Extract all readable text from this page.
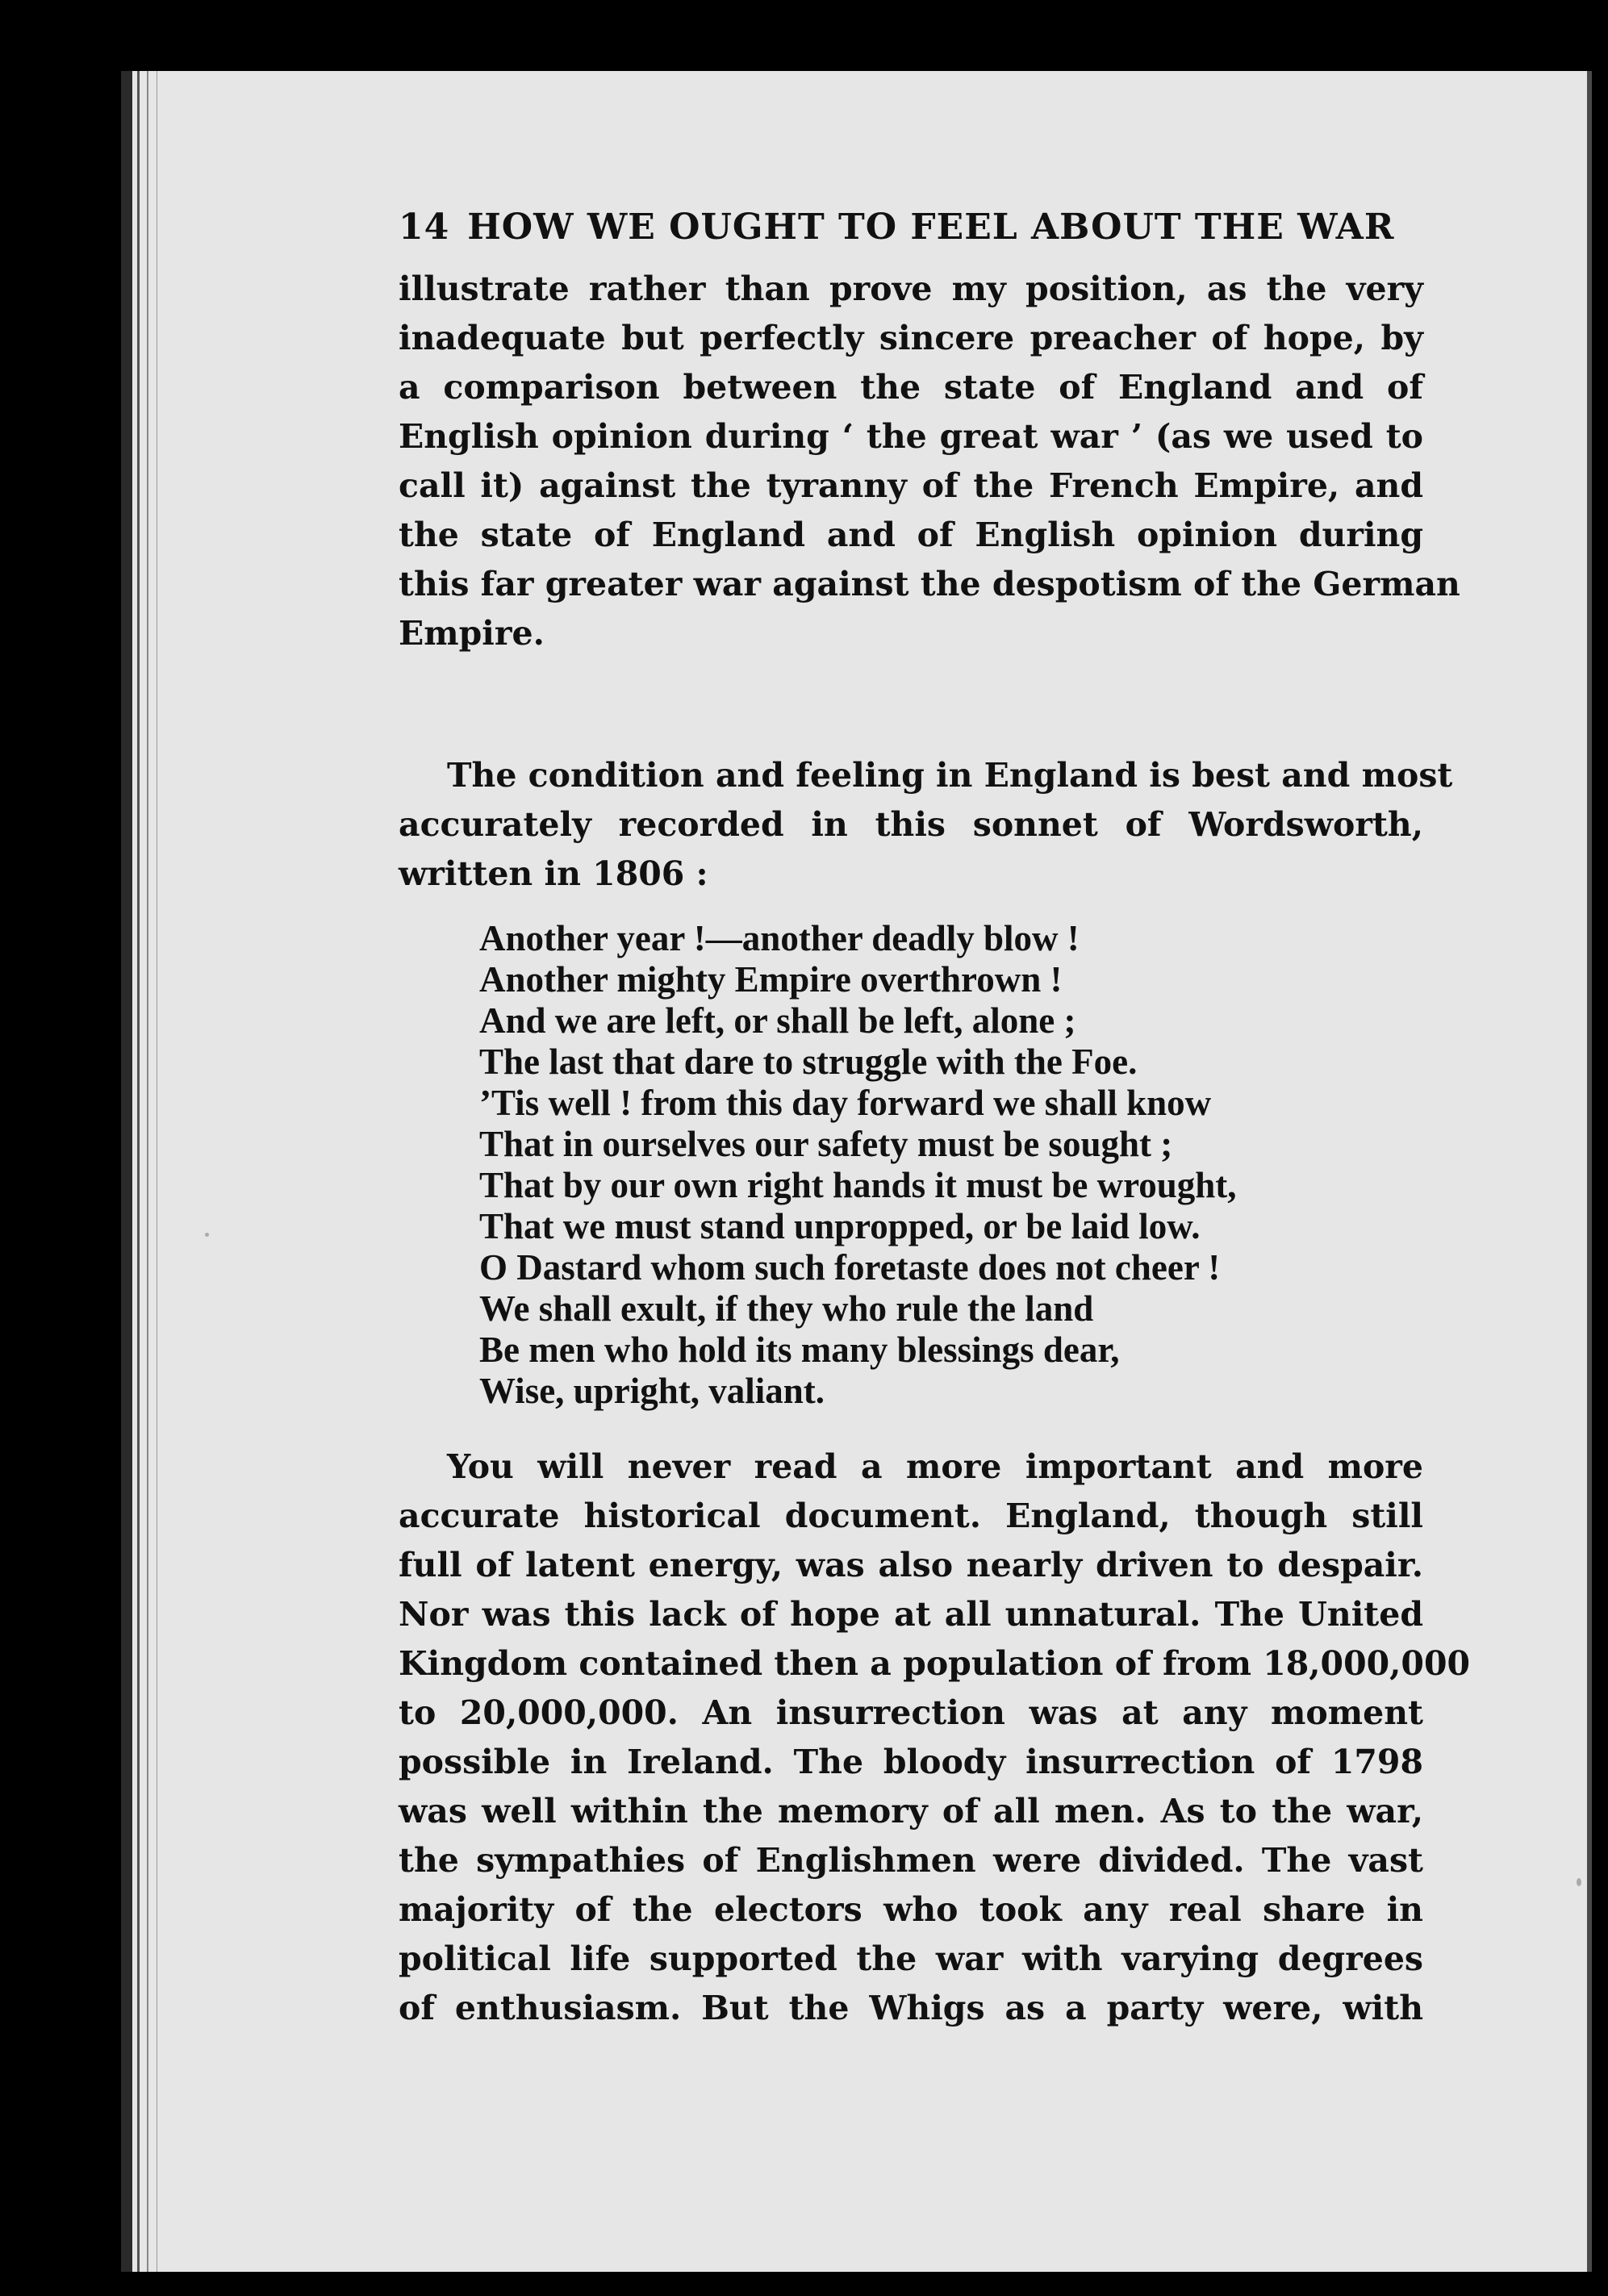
14 HOW WE OUGHT TO FEEL ABOUT THE WAR
illustrate rather than prove my position, as the very
inadequate but perfectly sincere preacher of hope, by
a comparison between the state of England and of
English opinion during ‘ the great war ’ (as we used to
call it) against the tyranny of the French Empire, and
the state of England and of English opinion during
this far greater war against the despotism of the German
Empire.
The condition and feeling in England is best and most
accurately recorded in this sonnet of Wordsworth,
written in 1806 :
Another year !—another deadly blow !
Another mighty Empire overthrown !
And we are left, or shall be left, alone ;
The last that dare to struggle with the Foe.
’Tis well ! from this day forward we shall know
That in ourselves our safety must be sought ;
That by our own right hands it must be wrought,
That we must stand unpropped, or be laid low.
O Dastard whom such foretaste does not cheer !
We shall exult, if they who rule the land
Be men who hold its many blessings dear,
Wise, upright, valiant.
You will never read a more important and more
accurate historical document. England, though still
full of latent energy, was also nearly driven to despair.
Nor was this lack of hope at all unnatural. The United
Kingdom contained then a population of from 18,000,000
to 20,000,000. An insurrection was at any moment
possible in Ireland. The bloody insurrection of 1798
was well within the memory of all men. As to the war,
the sympathies of Englishmen were divided. The vast
majority of the electors who took any real share in
political life supported the war with varying degrees
of enthusiasm. But the Whigs as a party were, with
